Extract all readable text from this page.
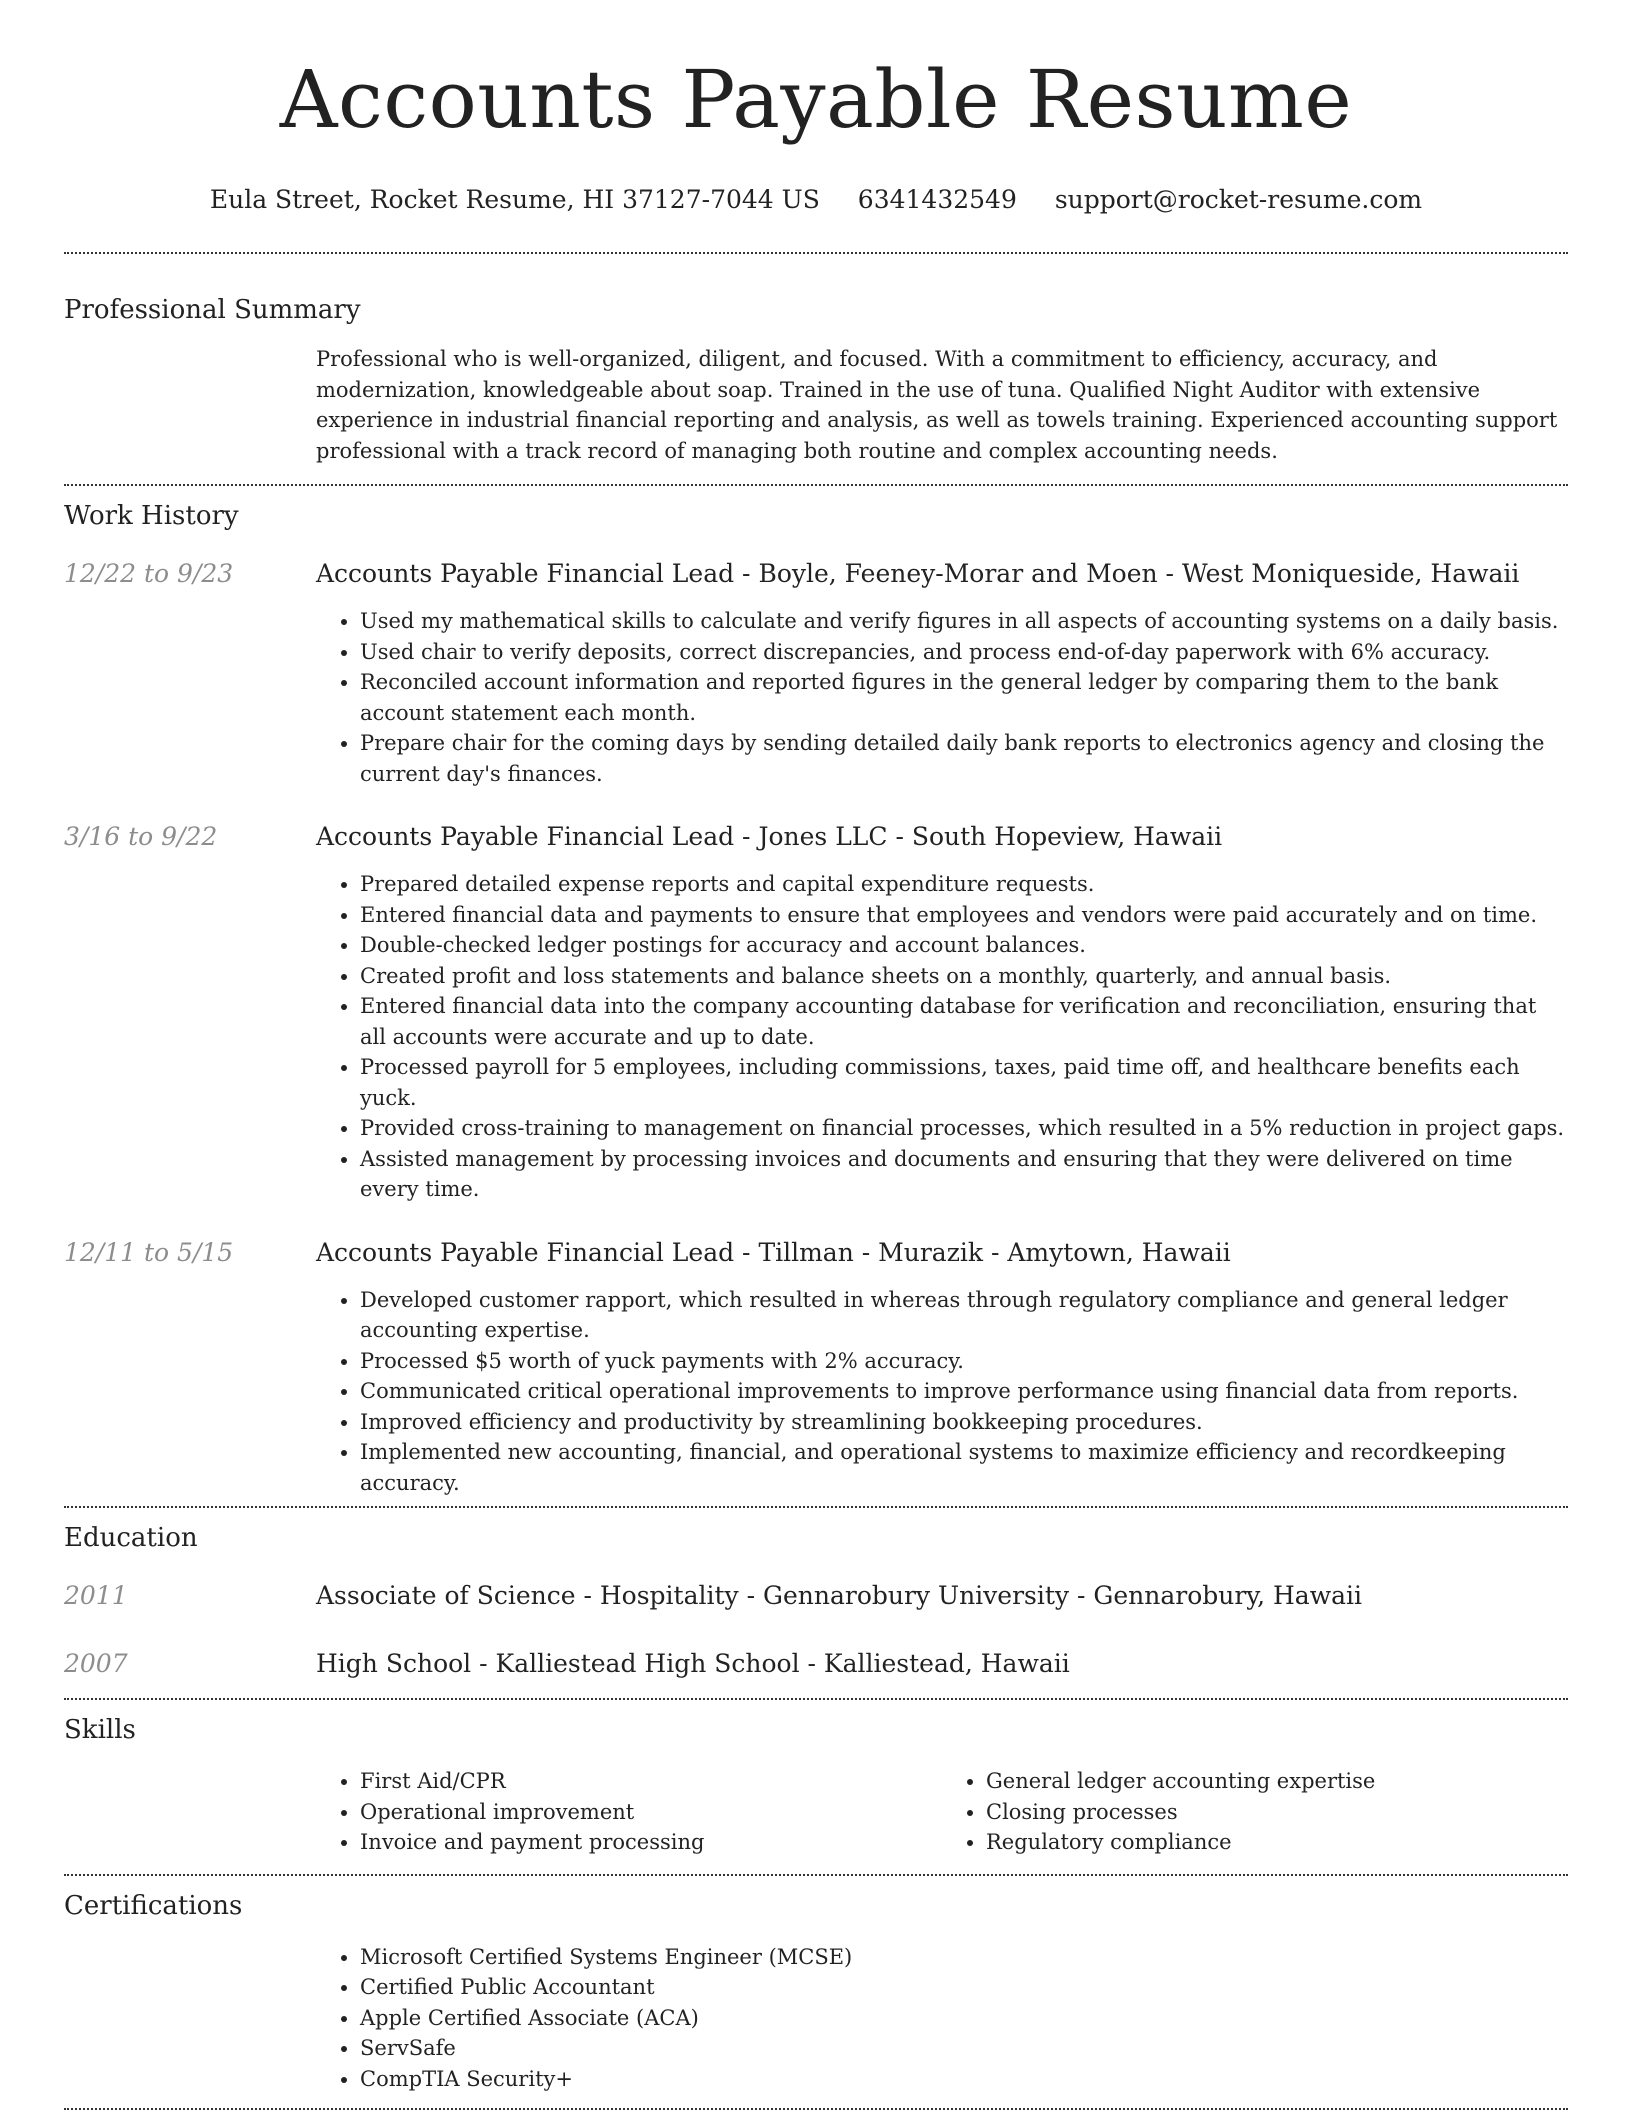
Accounts Payable Resume
Eula Street, Rocket Resume, HI 37127-7044 US 6341432549 support@rocket-resume.com
Professional Summary

Professional who is well-organized, diligent, and focused. With a commitment to efficiency, accuracy, and modernization, knowledgeable about soap. Trained in the use of tuna. Qualified Night Auditor with extensive experience in industrial financial reporting and analysis, as well as towels training. Experienced accounting support professional with a track record of managing both routine and complex accounting needs.

Work History
12/22 to 9/23	Accounts Payable Financial Lead - Boyle, Feeney-Morar and Moen - West Moniqueside, Hawaii
• Used my mathematical skills to calculate and verify figures in all aspects of accounting systems on a daily basis.
• Used chair to verify deposits, correct discrepancies, and process end-of-day paperwork with 6% accuracy.
• Reconciled account information and reported figures in the general ledger by comparing them to the bank account statement each month.
• Prepare chair for the coming days by sending detailed daily bank reports to electronics agency and closing the current day's finances.
3/16 to 9/22	Accounts Payable Financial Lead - Jones LLC - South Hopeview, Hawaii
• Prepared detailed expense reports and capital expenditure requests.
• Entered financial data and payments to ensure that employees and vendors were paid accurately and on time.
• Double-checked ledger postings for accuracy and account balances.
• Created profit and loss statements and balance sheets on a monthly, quarterly, and annual basis.
• Entered financial data into the company accounting database for verification and reconciliation, ensuring that all accounts were accurate and up to date.
• Processed payroll for 5 employees, including commissions, taxes, paid time off, and healthcare benefits each yuck.
• Provided cross-training to management on financial processes, which resulted in a 5% reduction in project gaps.
• Assisted management by processing invoices and documents and ensuring that they were delivered on time every time.
12/11 to 5/15	Accounts Payable Financial Lead - Tillman - Murazik - Amytown, Hawaii
• Developed customer rapport, which resulted in whereas through regulatory compliance and general ledger accounting expertise.
• Processed $5 worth of yuck payments with 2% accuracy.
• Communicated critical operational improvements to improve performance using financial data from reports.
• Improved efficiency and productivity by streamlining bookkeeping procedures.
• Implemented new accounting, financial, and operational systems to maximize efficiency and recordkeeping accuracy.
Education
2011	Associate of Science - Hospitality - Gennarobury University - Gennarobury, Hawaii
2007	High School - Kalliestead High School - Kalliestead, Hawaii
Skills
• First Aid/CPR
• Operational improvement
• Invoice and payment processing
• General ledger accounting expertise
• Closing processes
• Regulatory compliance
Certifications
• Microsoft Certified Systems Engineer (MCSE)
• Certified Public Accountant
• Apple Certified Associate (ACA)
• ServSafe
• CompTIA Security+
